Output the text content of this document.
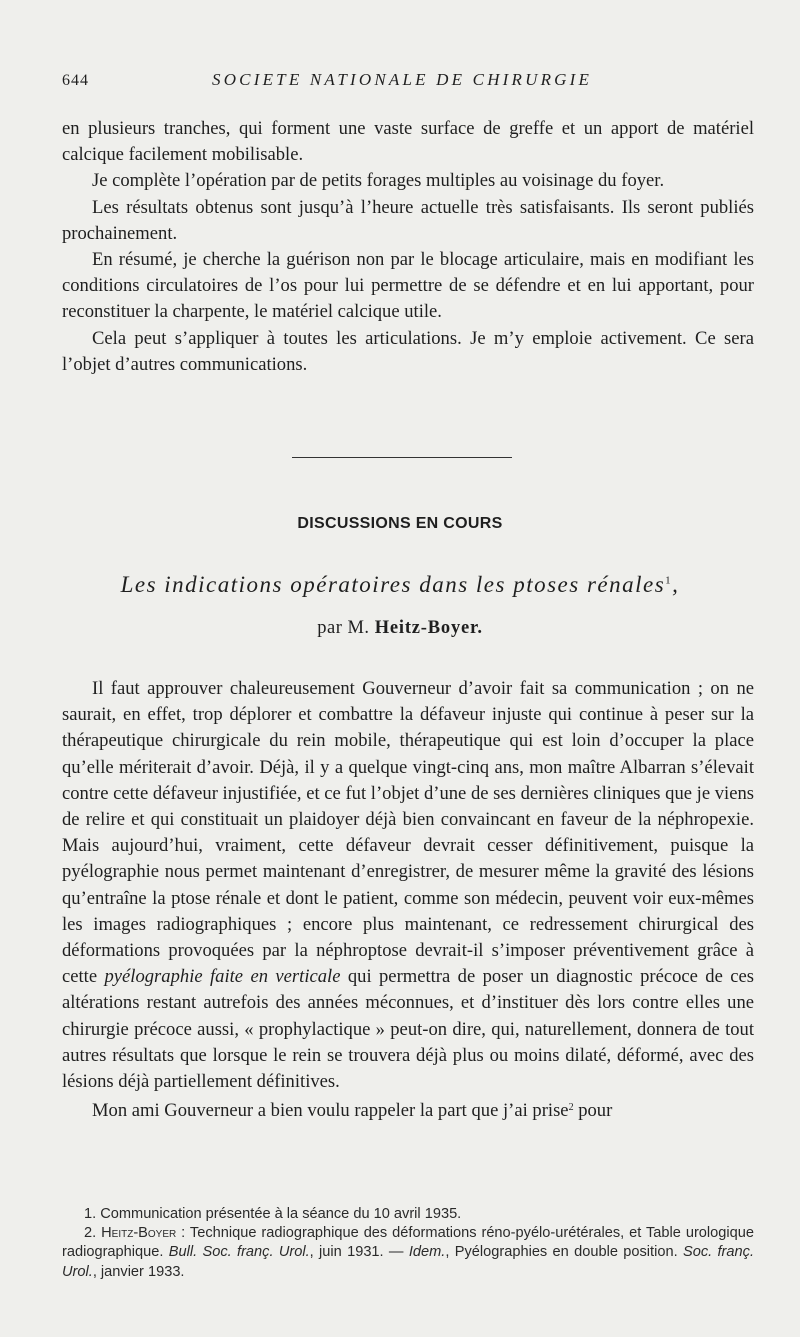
644	SOCIETE NATIONALE DE CHIRURGIE

en plusieurs tranches, qui forment une vaste surface de greffe et un apport de matériel calcique facilement mobilisable.

Je complète l’opération par de petits forages multiples au voisinage du foyer.

Les résultats obtenus sont jusqu’à l’heure actuelle très satisfaisants. Ils seront publiés prochainement.

En résumé, je cherche la guérison non par le blocage articulaire, mais en modifiant les conditions circulatoires de l’os pour lui permettre de se défendre et en lui apportant, pour reconstituer la charpente, le matériel calcique utile.

Cela peut s’appliquer à toutes les articulations. Je m’y emploie activement. Ce sera l’objet d’autres communications.

DISCUSSIONS EN COURS
Les indications opératoires dans les ptoses rénales$^1$,
par M. Heitz-Boyer.

Il faut approuver chaleureusement Gouverneur d’avoir fait sa communication ; on ne saurait, en effet, trop déplorer et combattre la défaveur injuste qui continue à peser sur la thérapeutique chirurgicale du rein mobile, thérapeutique qui est loin d’occuper la place qu’elle mériterait d’avoir. Déjà, il y a quelque vingt-cinq ans, mon maître Albarran s’élevait contre cette défaveur injustifiée, et ce fut l’objet d’une de ses dernières cliniques que je viens de relire et qui constituait un plaidoyer déjà bien convaincant en faveur de la néphropexie. Mais aujourd’hui, vraiment, cette défaveur devrait cesser définitivement, puisque la pyélographie nous permet maintenant d’enregistrer, de mesurer même la gravité des lésions qu’entraîne la ptose rénale et dont le patient, comme son médecin, peuvent voir eux-mêmes les images radiographiques ; encore plus maintenant, ce redressement chirurgical des déformations provoquées par la néphroptose devrait-il s’imposer préventivement grâce à cette pyélographie faite en verticale qui permettra de poser un diagnostic précoce de ces altérations restant autrefois des années méconnues, et d’instituer dès lors contre elles une chirurgie précoce aussi, « prophylactique » peut-on dire, qui, naturellement, donnera de tout autres résultats que lorsque le rein se trouvera déjà plus ou moins dilaté, déformé, avec des lésions déjà partiellement définitives.

Mon ami Gouverneur a bien voulu rappeler la part que j’ai prise$^2$ pour

1. Communication présentée à la séance du 10 avril 1935.

2. Heitz-Boyer : Technique radiographique des déformations réno-pyélo-urétérales, et Table urologique radiographique. Bull. Soc. franç. Urol., juin 1931. — Idem., Pyélographies en double position. Soc. franç. Urol., janvier 1933.
